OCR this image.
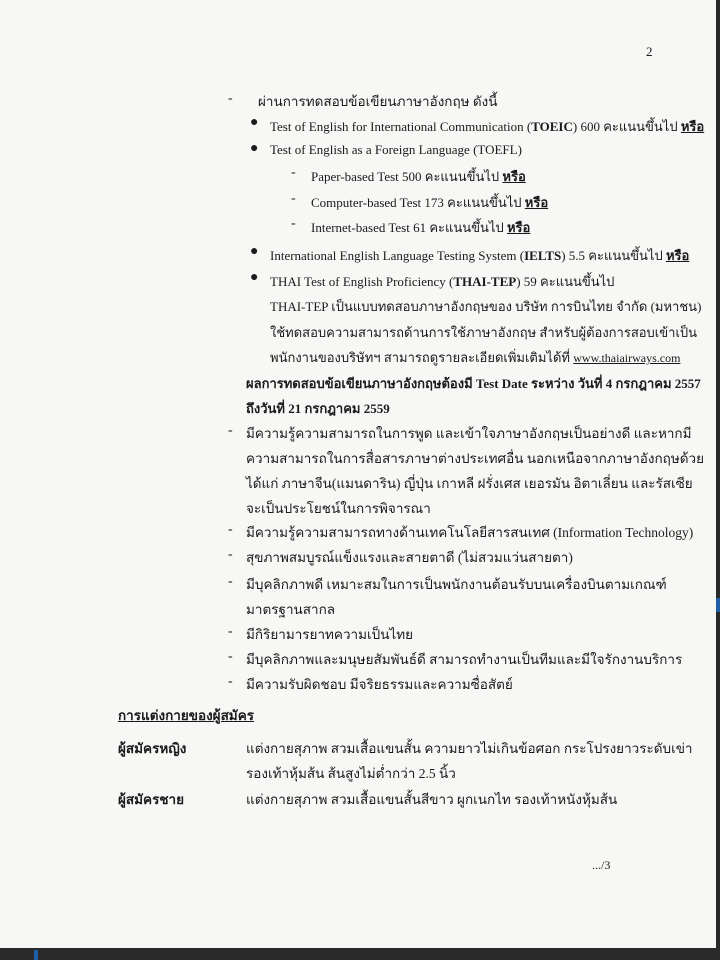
2
- ผ่านการทดสอบข้อเขียนภาษาอังกฤษ ดังนี้
● Test of English for International Communication (TOEIC) 600 คะแนนขึ้นไป หรือ
● Test of English as a Foreign Language (TOEFL)
- Paper-based Test 500 คะแนนขึ้นไป หรือ
- Computer-based Test 173 คะแนนขึ้นไป หรือ
- Internet-based Test 61 คะแนนขึ้นไป หรือ
● International English Language Testing System (IELTS) 5.5 คะแนนขึ้นไป หรือ
● THAI Test of English Proficiency (THAI-TEP) 59 คะแนนขึ้นไป
THAI-TEP เป็นแบบทดสอบภาษาอังกฤษของ บริษัท การบินไทย จำกัด (มหาชน)
ใช้ทดสอบความสามารถด้านการใช้ภาษาอังกฤษ สำหรับผู้ต้องการสอบเข้าเป็น
พนักงานของบริษัทฯ สามารถดูรายละเอียดเพิ่มเติมได้ที่ www.thaiairways.com
ผลการทดสอบข้อเขียนภาษาอังกฤษต้องมี Test Date ระหว่าง วันที่ 4 กรกฎาคม 2557
ถึงวันที่ 21 กรกฎาคม 2559
- มีความรู้ความสามารถในการพูด และเข้าใจภาษาอังกฤษเป็นอย่างดี และหากมี
ความสามารถในการสื่อสารภาษาต่างประเทศอื่น นอกเหนือจากภาษาอังกฤษด้วย
ได้แก่ ภาษาจีน(แมนดาริน) ญี่ปุ่น เกาหลี ฝรั่งเศส เยอรมัน อิตาเลี่ยน และรัสเซีย
จะเป็นประโยชน์ในการพิจารณา
- มีความรู้ความสามารถทางด้านเทคโนโลยีสารสนเทศ (Information Technology)
- สุขภาพสมบูรณ์แข็งแรงและสายตาดี (ไม่สวมแว่นสายตา)
- มีบุคลิกภาพดี เหมาะสมในการเป็นพนักงานต้อนรับบนเครื่องบินตามเกณฑ์
มาตรฐานสากล
- มีกิริยามารยาทความเป็นไทย
- มีบุคลิกภาพและมนุษยสัมพันธ์ดี สามารถทำงานเป็นทีมและมีใจรักงานบริการ
- มีความรับผิดชอบ มีจริยธรรมและความซื่อสัตย์
การแต่งกายของผู้สมัคร
ผู้สมัครหญิง	แต่งกายสุภาพ สวมเสื้อแขนสั้น ความยาวไม่เกินข้อศอก กระโปรงยาวระดับเข่า
รองเท้าหุ้มส้น ส้นสูงไม่ต่ำกว่า 2.5 นิ้ว
ผู้สมัครชาย	แต่งกายสุภาพ สวมเสื้อแขนสั้นสีขาว ผูกเนกไท รองเท้าหนังหุ้มส้น
.../3
